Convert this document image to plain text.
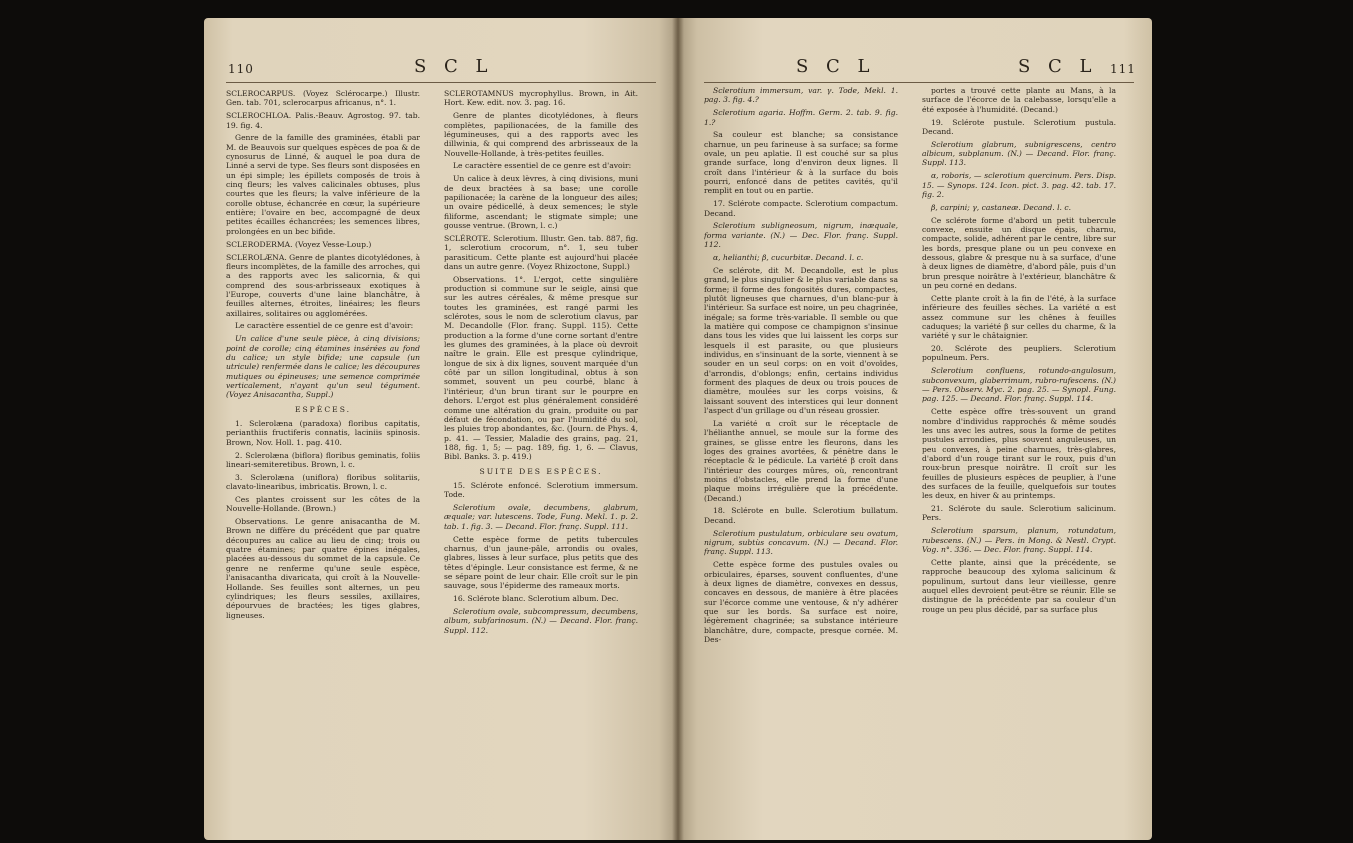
110	S C L

SCLEROCARPUS. (Voyez Sclérocarpe.) Illustr. Gen. tab. 701, sclerocarpus africanus, n°. 1.

SCLEROCHLOA. Palis.-Beauv. Agrostog. 97. tab. 19. fig. 4.

Genre de la famille des graminées, établi par M. de Beauvois sur quelques espèces de poa & de cynosurus de Linné, & auquel le poa dura de Linné a servi de type. Ses fleurs sont disposées en un épi simple; les épillets composés de trois à cinq fleurs; les valves calicinales obtuses, plus courtes que les fleurs; la valve inférieure de la corolle obtuse, échancrée en cœur, la supérieure entière; l'ovaire en bec, accompagné de deux petites écailles échancrées; les semences libres, prolongées en un bec bifide.

SCLERODERMA. (Voyez Vesse-Loup.)

SCLEROLÆNA. Genre de plantes dicotylédones, à fleurs incomplètes, de la famille des arroches, qui a des rapports avec les salicornia, & qui comprend des sous-arbrisseaux exotiques à l'Europe, couverts d'une laine blanchâtre, à feuilles alternes, étroites, linéaires; les fleurs axillaires, solitaires ou agglomérées.

Le caractère essentiel de ce genre est d'avoir:

Un calice d'une seule pièce, à cinq divisions; point de corolle; cinq étamines insérées au fond du calice; un style bifide; une capsule (un utricule) renfermée dans le calice; les découpures mutiques ou épineuses; une semence comprimée verticalement, n'ayant qu'un seul tégument. (Voyez Anisacantha, Suppl.)

ESPÈCES.

1. Sclerolæna (paradoxa) floribus capitatis, perianthiis fructiferis connatis, laciniis spinosis. Brown, Nov. Holl. 1. pag. 410.

2. Sclerolæna (biflora) floribus geminatis, foliis lineari-semiteretibus. Brown, l. c.

3. Sclerolæna (uniflora) floribus solitariis, clavato-linearibus, imbricatis. Brown, l. c.

Ces plantes croissent sur les côtes de la Nouvelle-Hollande. (Brown.)

Observations. Le genre anisacantha de M. Brown ne diffère du précédent que par quatre découpures au calice au lieu de cinq; trois ou quatre étamines; par quatre épines inégales, placées au-dessous du sommet de la capsule. Ce genre ne renferme qu'une seule espèce, l'anisacantha divaricata, qui croît à la Nouvelle-Hollande. Ses feuilles sont alternes, un peu cylindriques; les fleurs sessiles, axillaires, dépourvues de bractées; les tiges glabres, ligneuses.

SCLEROTAMNUS mycrophyllus. Brown, in Ait. Hort. Kew. edit. nov. 3. pag. 16.

Genre de plantes dicotylédones, à fleurs complètes, papilionacées, de la famille des légumineuses, qui a des rapports avec les dillwinia, & qui comprend des arbrisseaux de la Nouvelle-Hollande, à très-petites feuilles.

Le caractère essentiel de ce genre est d'avoir:

Un calice à deux lèvres, à cinq divisions, muni de deux bractées à sa base; une corolle papilionacée; la carène de la longueur des ailes; un ovaire pédicellé, à deux semences; le style filiforme, ascendant; le stigmate simple; une gousse ventrue. (Brown, l. c.)

SCLÉROTE. Sclerotium. Illustr. Gen. tab. 887, fig. 1, sclerotium crocorum, n°. 1, seu tuber parasiticum. Cette plante est aujourd'hui placée dans un autre genre. (Voyez Rhizoctone, Suppl.)

Observations. 1°. L'ergot, cette singulière production si commune sur le seigle, ainsi que sur les autres céréales, & même presque sur toutes les graminées, est rangé parmi les sclérotes, sous le nom de sclerotium clavus, par M. Decandolle (Flor. franç. Suppl. 115). Cette production a la forme d'une corne sortant d'entre les glumes des graminées, à la place où devroit naître le grain. Elle est presque cylindrique, longue de six à dix lignes, souvent marquée d'un côté par un sillon longitudinal, obtus à son sommet, souvent un peu courbé, blanc à l'intérieur, d'un brun tirant sur le pourpre en dehors. L'ergot est plus généralement considéré comme une altération du grain, produite ou par défaut de fécondation, ou par l'humidité du sol, les pluies trop abondantes, &c. (Journ. de Phys. 4, p. 41. — Tessier, Maladie des grains, pag. 21, 188, fig. 1, 5; — pag. 189, fig. 1, 6. — Clavus, Bibl. Banks. 3. p. 419.)

SUITE DES ESPÈCES.

15. Sclérote enfoncé. Sclerotium immersum. Tode.

Sclerotium ovale, decumbens, glabrum, æquale; var. lutescens. Tode, Fung. Mekl. 1. p. 2. tab. 1. fig. 3. — Decand. Flor. franç. Suppl. 111.

Cette espèce forme de petits tubercules charnus, d'un jaune-pâle, arrondis ou ovales, glabres, lisses à leur surface, plus petits que des têtes d'épingle. Leur consistance est ferme, & ne se sépare point de leur chair. Elle croît sur le pin sauvage, sous l'épiderme des rameaux morts.

16. Sclérote blanc. Sclerotium album. Dec.

Sclerotium ovale, subcompressum, decumbens, album, subfarinosum. (N.) — Decand. Flor. franç. Suppl. 112.

S C L	S C L 111

Sclerotium immersum, var. γ. Tode, Mekl. 1. pag. 3. fig. 4.?

Sclerotium agaria. Hoffm. Germ. 2. tab. 9. fig. 1.?

Sa couleur est blanche; sa consistance charnue, un peu farineuse à sa surface; sa forme ovale, un peu aplatie. Il est couché sur sa plus grande surface, long d'environ deux lignes. Il croît dans l'intérieur & à la surface du bois pourri, enfoncé dans de petites cavités, qu'il remplit en tout ou en partie.

17. Sclérote compacte. Sclerotium compactum. Decand.

Sclerotium subligneosum, nigrum, inæquale, forma variante. (N.) — Dec. Flor. franç. Suppl. 112.

α, helianthi; β, cucurbitæ. Decand. l. c.

Ce sclérote, dit M. Decandolle, est le plus grand, le plus singulier & le plus variable dans sa forme; il forme des fongosités dures, compactes, plutôt ligneuses que charnues, d'un blanc-pur à l'intérieur. Sa surface est noire, un peu chagrinée, inégale; sa forme très-variable. Il semble ou que la matière qui compose ce champignon s'insinue dans tous les vides que lui laissent les corps sur lesquels il est parasite, ou que plusieurs individus, en s'insinuant de la sorte, viennent à se souder en un seul corps: on en voit d'ovoïdes, d'arrondis, d'oblongs; enfin, certains individus forment des plaques de deux ou trois pouces de diamètre, moulées sur les corps voisins, & laissant souvent des interstices qui leur donnent l'aspect d'un grillage ou d'un réseau grossier.

La variété α croît sur le réceptacle de l'hélianthe annuel, se moule sur la forme des graines, se glisse entre les fleurons, dans les loges des graines avortées, & pénètre dans le réceptacle & le pédicule. La variété β croît dans l'intérieur des courges mûres, où, rencontrant moins d'obstacles, elle prend la forme d'une plaque moins irrégulière que la précédente. (Decand.)

18. Sclérote en bulle. Sclerotium bullatum. Decand.

Sclerotium pustulatum, orbiculare seu ovatum, nigrum, subtùs concavum. (N.) — Decand. Flor. franç. Suppl. 113.

Cette espèce forme des pustules ovales ou orbiculaires, éparses, souvent confluentes, d'une à deux lignes de diamètre, convexes en dessus, concaves en dessous, de manière à être placées sur l'écorce comme une ventouse, & n'y adhérer que sur les bords. Sa surface est noire, légèrement chagrinée; sa substance intérieure blanchâtre, dure, compacte, presque cornée. M. Des-

portes a trouvé cette plante au Mans, à la surface de l'écorce de la calebasse, lorsqu'elle a été exposée à l'humidité. (Decand.)

19. Sclérote pustule. Sclerotium pustula. Decand.

Sclerotium glabrum, subnigrescens, centro albicum, subplanum. (N.) — Decand. Flor. franç. Suppl. 113.

α, roboris, — sclerotium quercinum. Pers. Disp. 15. — Synops. 124. Icon. pict. 3. pag. 42. tab. 17. fig. 2.

β, carpini; γ, castaneæ. Decand. l. c.

Ce sclérote forme d'abord un petit tubercule convexe, ensuite un disque épais, charnu, compacte, solide, adhérent par le centre, libre sur les bords, presque plane ou un peu convexe en dessous, glabre & presque nu à sa surface, d'une à deux lignes de diamètre, d'abord pâle, puis d'un brun presque noirâtre à l'extérieur, blanchâtre & un peu corné en dedans.

Cette plante croît à la fin de l'été, à la surface inférieure des feuilles sèches. La variété α est assez commune sur les chênes à feuilles caduques; la variété β sur celles du charme, & la variété γ sur le châtaignier.

20. Sclérote des peupliers. Sclerotium populneum. Pers.

Sclerotium confluens, rotundo-angulosum, subconvexum, glaberrimum, rubro-rufescens. (N.) — Pers. Observ. Myc. 2. pag. 25. — Synopl. Fung. pag. 125. — Decand. Flor. franç. Suppl. 114.

Cette espèce offre très-souvent un grand nombre d'individus rapprochés & même soudés les uns avec les autres, sous la forme de petites pustules arrondies, plus souvent anguleuses, un peu convexes, à peine charnues, très-glabres, d'abord d'un rouge tirant sur le roux, puis d'un roux-brun presque noirâtre. Il croît sur les feuilles de plusieurs espèces de peuplier, à l'une des surfaces de la feuille, quelquefois sur toutes les deux, en hiver & au printemps.

21. Sclérote du saule. Sclerotium salicinum. Pers.

Sclerotium sparsum, planum, rotundatum, rubescens. (N.) — Pers. in Mong. & Nestl. Crypt. Vog. n°. 336. — Dec. Flor. franç. Suppl. 114.

Cette plante, ainsi que la précédente, se rapproche beaucoup des xyloma salicinum & populinum, surtout dans leur vieillesse, genre auquel elles devroient peut-être se réunir. Elle se distingue de la précédente par sa couleur d'un rouge un peu plus décidé, par sa surface plus
